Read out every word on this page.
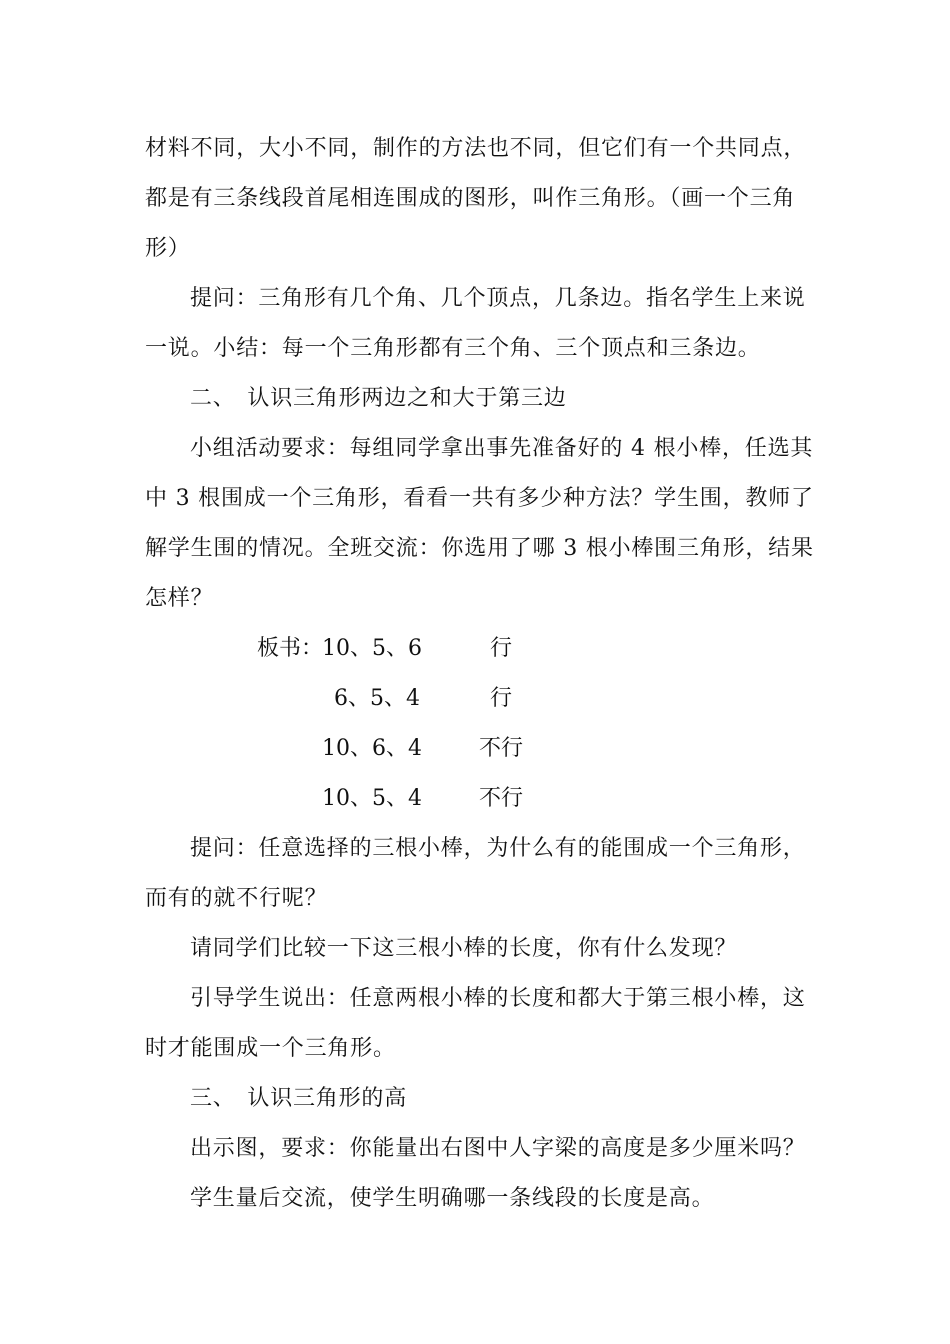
材料不同，大小不同，制作的方法也不同，但它们有一个共同点，
都是有三条线段首尾相连围成的图形，叫作三角形。（画一个三角
形）
提问：三角形有几个角、几个顶点，几条边。指名学生上来说
一说。小结：每一个三角形都有三个角、三个顶点和三条边。
二、　认识三角形两边之和大于第三边
小组活动要求：每组同学拿出事先准备好的 4 根小棒，任选其
中 3 根围成一个三角形，看看一共有多少种方法？学生围，教师了
解学生围的情况。全班交流：你选用了哪 3 根小棒围三角形，结果
怎样？
板书：
10、5、6	行
6、5、4	行
10、6、4	不行
10、5、4	不行
提问：任意选择的三根小棒，为什么有的能围成一个三角形，
而有的就不行呢？
请同学们比较一下这三根小棒的长度，你有什么发现？
引导学生说出：任意两根小棒的长度和都大于第三根小棒，这
时才能围成一个三角形。
三、　认识三角形的高
出示图，要求：你能量出右图中人字梁的高度是多少厘米吗？
学生量后交流，使学生明确哪一条线段的长度是高。
